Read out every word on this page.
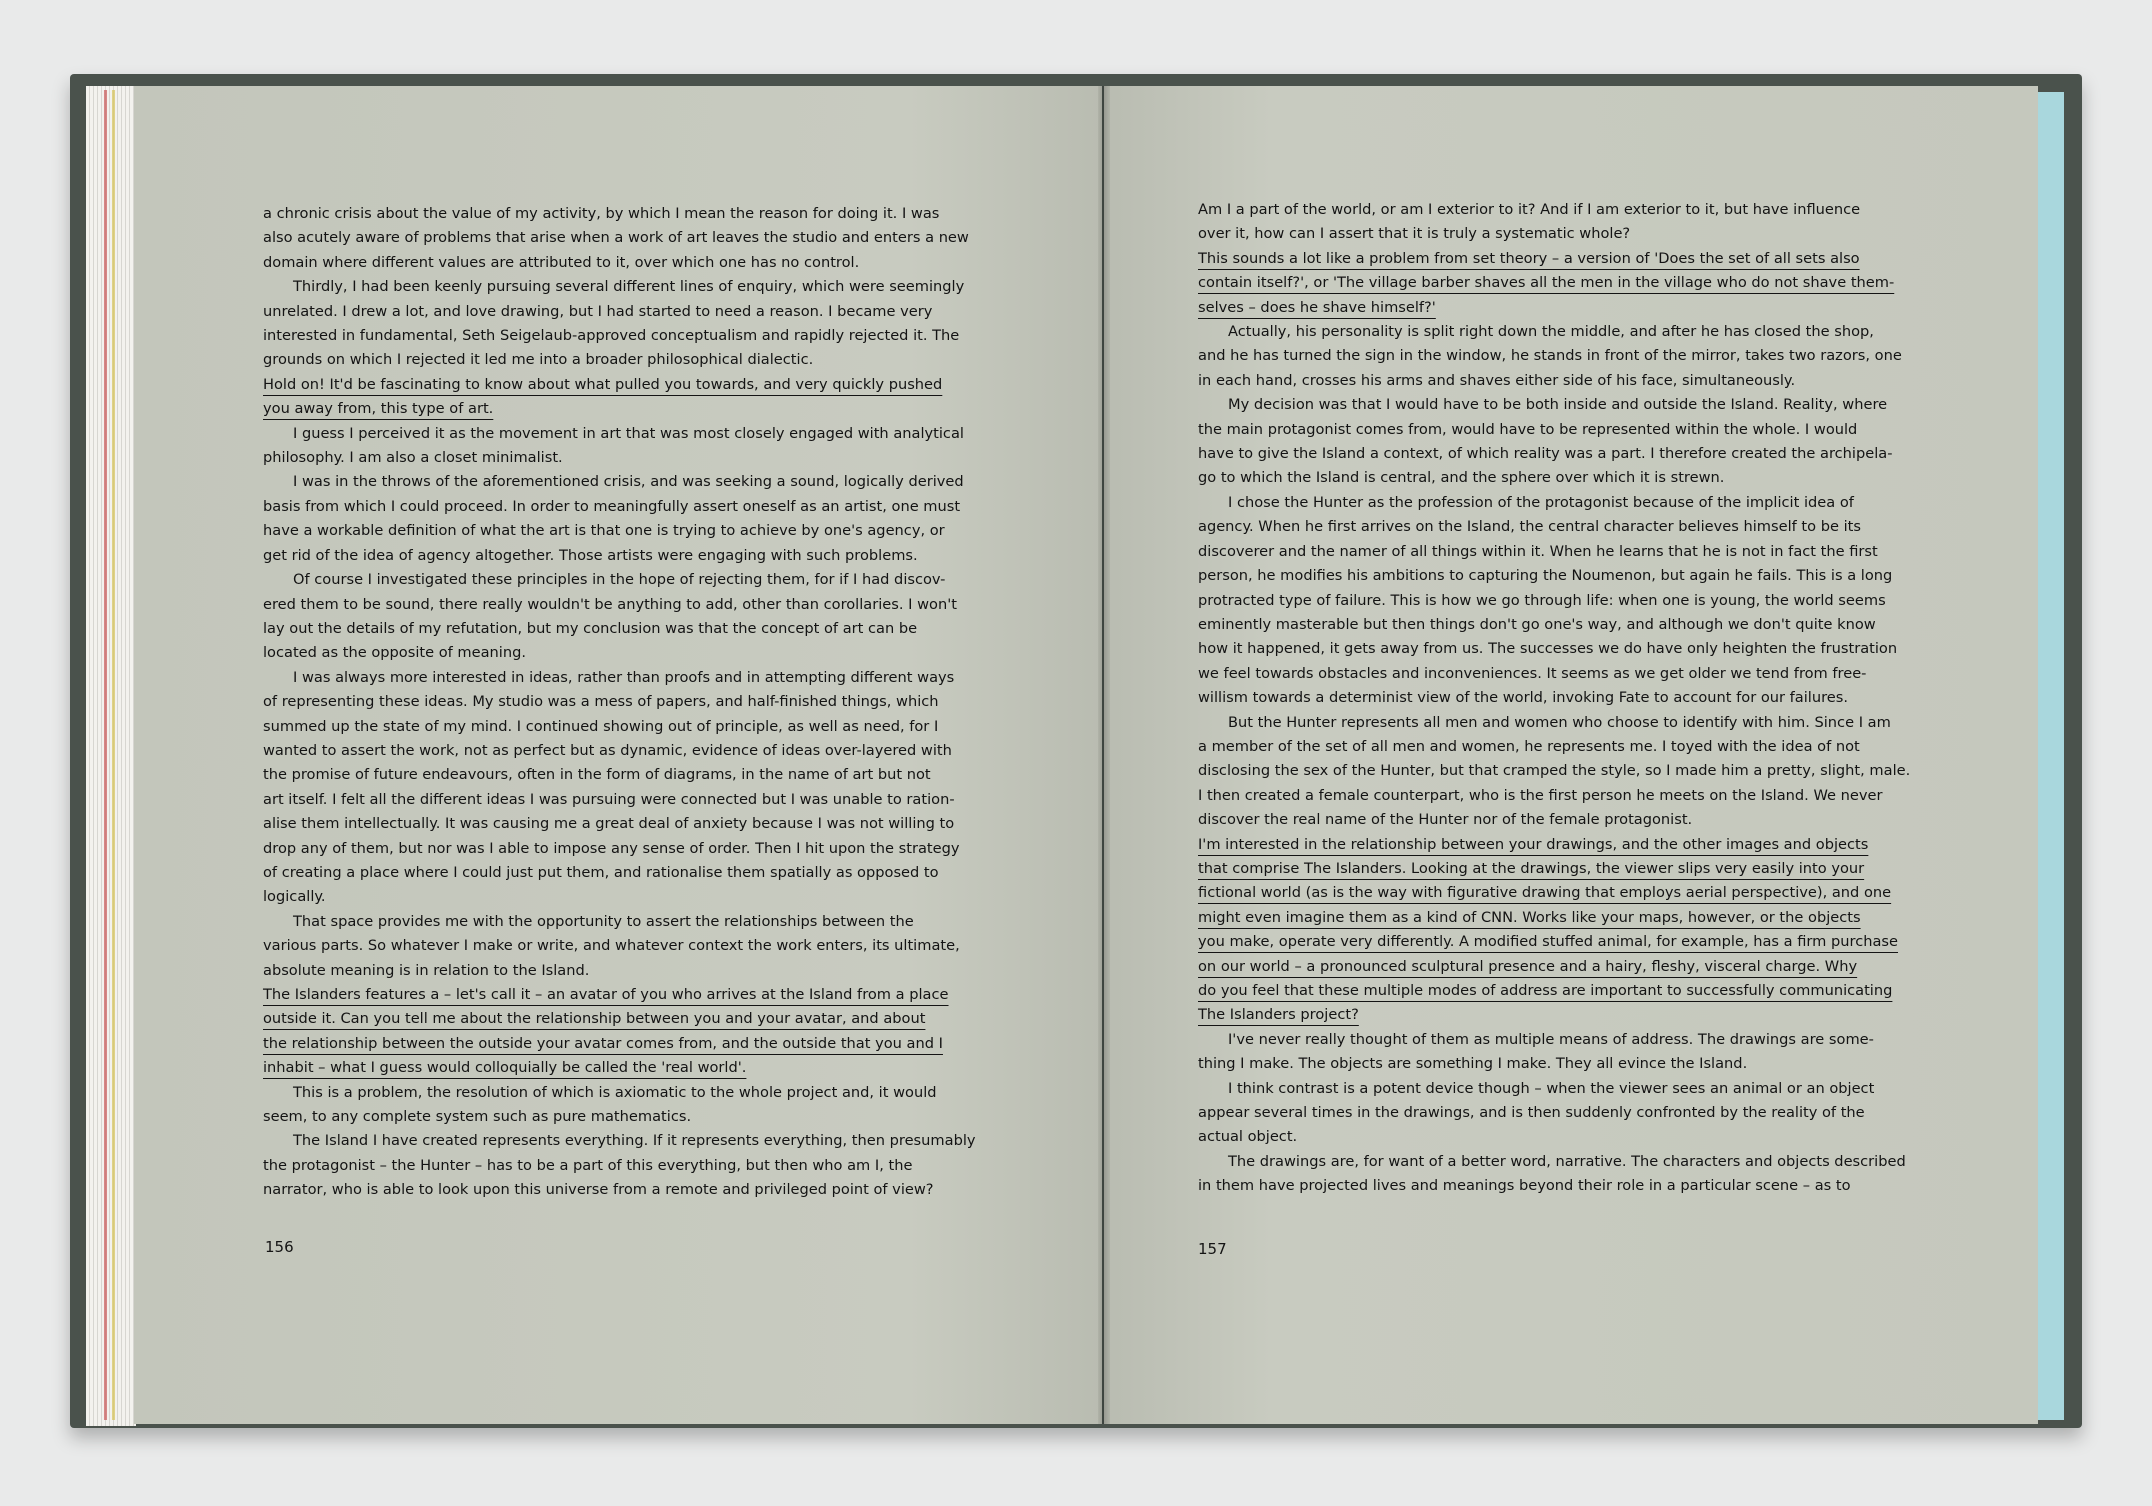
a chronic crisis about the value of my activity, by which I mean the reason for doing it. I was
also acutely aware of problems that arise when a work of art leaves the studio and enters a new
domain where different values are attributed to it, over which one has no control.
Thirdly, I had been keenly pursuing several different lines of enquiry, which were seemingly
unrelated. I drew a lot, and love drawing, but I had started to need a reason. I became very
interested in fundamental, Seth Seigelaub-approved conceptualism and rapidly rejected it. The
grounds on which I rejected it led me into a broader philosophical dialectic.
Hold on! It'd be fascinating to know about what pulled you towards, and very quickly pushed
you away from, this type of art.
I guess I perceived it as the movement in art that was most closely engaged with analytical
philosophy. I am also a closet minimalist.
I was in the throws of the aforementioned crisis, and was seeking a sound, logically derived
basis from which I could proceed. In order to meaningfully assert oneself as an artist, one must
have a workable definition of what the art is that one is trying to achieve by one's agency, or
get rid of the idea of agency altogether. Those artists were engaging with such problems.
Of course I investigated these principles in the hope of rejecting them, for if I had discov-
ered them to be sound, there really wouldn't be anything to add, other than corollaries. I won't
lay out the details of my refutation, but my conclusion was that the concept of art can be
located as the opposite of meaning.
I was always more interested in ideas, rather than proofs and in attempting different ways
of representing these ideas. My studio was a mess of papers, and half-finished things, which
summed up the state of my mind. I continued showing out of principle, as well as need, for I
wanted to assert the work, not as perfect but as dynamic, evidence of ideas over-layered with
the promise of future endeavours, often in the form of diagrams, in the name of art but not
art itself. I felt all the different ideas I was pursuing were connected but I was unable to ration-
alise them intellectually. It was causing me a great deal of anxiety because I was not willing to
drop any of them, but nor was I able to impose any sense of order. Then I hit upon the strategy
of creating a place where I could just put them, and rationalise them spatially as opposed to
logically.
That space provides me with the opportunity to assert the relationships between the
various parts. So whatever I make or write, and whatever context the work enters, its ultimate,
absolute meaning is in relation to the Island.
The Islanders features a – let's call it – an avatar of you who arrives at the Island from a place
outside it. Can you tell me about the relationship between you and your avatar, and about
the relationship between the outside your avatar comes from, and the outside that you and I
inhabit – what I guess would colloquially be called the 'real world'.
This is a problem, the resolution of which is axiomatic to the whole project and, it would
seem, to any complete system such as pure mathematics.
The Island I have created represents everything. If it represents everything, then presumably
the protagonist – the Hunter – has to be a part of this everything, but then who am I, the
narrator, who is able to look upon this universe from a remote and privileged point of view?
Am I a part of the world, or am I exterior to it? And if I am exterior to it, but have influence
over it, how can I assert that it is truly a systematic whole?
This sounds a lot like a problem from set theory – a version of 'Does the set of all sets also
contain itself?', or 'The village barber shaves all the men in the village who do not shave them-
selves – does he shave himself?'
Actually, his personality is split right down the middle, and after he has closed the shop,
and he has turned the sign in the window, he stands in front of the mirror, takes two razors, one
in each hand, crosses his arms and shaves either side of his face, simultaneously.
My decision was that I would have to be both inside and outside the Island. Reality, where
the main protagonist comes from, would have to be represented within the whole. I would
have to give the Island a context, of which reality was a part. I therefore created the archipela-
go to which the Island is central, and the sphere over which it is strewn.
I chose the Hunter as the profession of the protagonist because of the implicit idea of
agency. When he first arrives on the Island, the central character believes himself to be its
discoverer and the namer of all things within it. When he learns that he is not in fact the first
person, he modifies his ambitions to capturing the Noumenon, but again he fails. This is a long
protracted type of failure. This is how we go through life: when one is young, the world seems
eminently masterable but then things don't go one's way, and although we don't quite know
how it happened, it gets away from us. The successes we do have only heighten the frustration
we feel towards obstacles and inconveniences. It seems as we get older we tend from free-
willism towards a determinist view of the world, invoking Fate to account for our failures.
But the Hunter represents all men and women who choose to identify with him. Since I am
a member of the set of all men and women, he represents me. I toyed with the idea of not
disclosing the sex of the Hunter, but that cramped the style, so I made him a pretty, slight, male.
I then created a female counterpart, who is the first person he meets on the Island. We never
discover the real name of the Hunter nor of the female protagonist.
I'm interested in the relationship between your drawings, and the other images and objects
that comprise The Islanders. Looking at the drawings, the viewer slips very easily into your
fictional world (as is the way with figurative drawing that employs aerial perspective), and one
might even imagine them as a kind of CNN. Works like your maps, however, or the objects
you make, operate very differently. A modified stuffed animal, for example, has a firm purchase
on our world – a pronounced sculptural presence and a hairy, fleshy, visceral charge. Why
do you feel that these multiple modes of address are important to successfully communicating
The Islanders project?
I've never really thought of them as multiple means of address. The drawings are some-
thing I make. The objects are something I make. They all evince the Island.
I think contrast is a potent device though – when the viewer sees an animal or an object
appear several times in the drawings, and is then suddenly confronted by the reality of the
actual object.
The drawings are, for want of a better word, narrative. The characters and objects described
in them have projected lives and meanings beyond their role in a particular scene – as to
156	157
